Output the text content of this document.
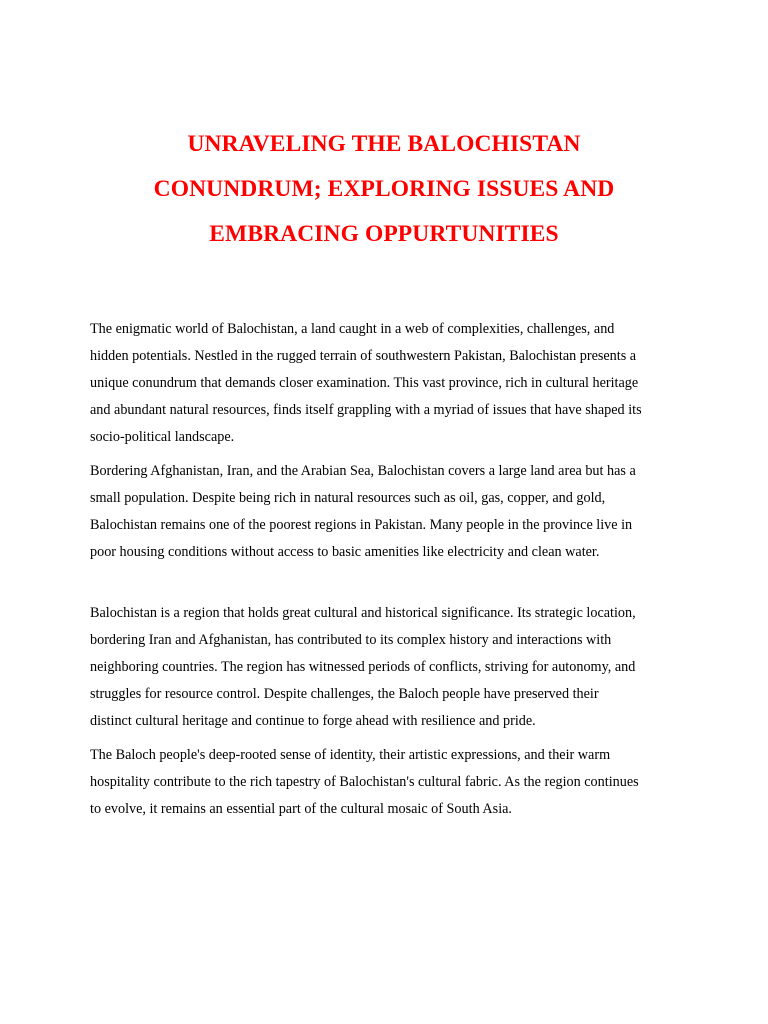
UNRAVELING THE BALOCHISTAN
CONUNDRUM; EXPLORING ISSUES AND
EMBRACING OPPURTUNITIES

The enigmatic world of Balochistan, a land caught in a web of complexities, challenges, and
hidden potentials. Nestled in the rugged terrain of southwestern Pakistan, Balochistan presents a
unique conundrum that demands closer examination. This vast province, rich in cultural heritage
and abundant natural resources, finds itself grappling with a myriad of issues that have shaped its
socio-political landscape.

Bordering Afghanistan, Iran, and the Arabian Sea, Balochistan covers a large land area but has a
small population. Despite being rich in natural resources such as oil, gas, copper, and gold,
Balochistan remains one of the poorest regions in Pakistan. Many people in the province live in
poor housing conditions without access to basic amenities like electricity and clean water.

Balochistan is a region that holds great cultural and historical significance. Its strategic location,
bordering Iran and Afghanistan, has contributed to its complex history and interactions with
neighboring countries. The region has witnessed periods of conflicts, striving for autonomy, and
struggles for resource control. Despite challenges, the Baloch people have preserved their
distinct cultural heritage and continue to forge ahead with resilience and pride.

The Baloch people's deep-rooted sense of identity, their artistic expressions, and their warm
hospitality contribute to the rich tapestry of Balochistan's cultural fabric. As the region continues
to evolve, it remains an essential part of the cultural mosaic of South Asia.
